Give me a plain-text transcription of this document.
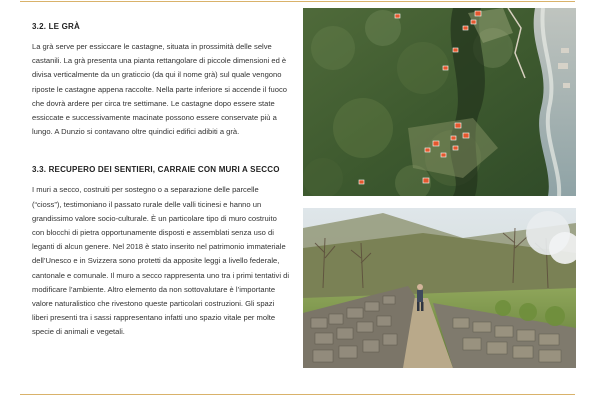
3.2. LE GRÀ

La grà serve per essiccare le castagne, situata in prossimità delle selve castanili. La grà presenta una pianta rettangolare di piccole dimensioni ed è divisa verticalmente da un graticcio (da qui il nome grà) sul quale vengono riposte le castagne appena raccolte. Nella parte inferiore si accende il fuoco che dovrà ardere per circa tre settimane. Le castagne dopo essere state essiccate e successivamente macinate possono essere conservate più a lungo. A Dunzio si contavano oltre quindici edifici adibiti a grà.

3.3. RECUPERO DEI SENTIERI, CARRAIE CON MURI A SECCO

I muri a secco, costruiti per sostegno o a separazione delle parcelle (“cioss”), testimoniano il passato rurale delle valli ticinesi e hanno un grandissimo valore socio-culturale. È un particolare tipo di muro costruito con blocchi di pietra opportunamente disposti e assemblati senza uso di leganti di alcun genere. Nel 2018 è stato inserito nel patrimonio immateriale dell’Unesco e in Svizzera sono protetti da apposite leggi a livello federale, cantonale e comunale. Il muro a secco rappresenta uno tra i primi tentativi di modificare l’ambiente. Altro elemento da non sottovalutare è l’importante valore naturalistico che rivestono queste particolari costruzioni. Gli spazi liberi presenti tra i sassi rappresentano infatti uno spazio vitale per molte specie di animali e vegetali.
